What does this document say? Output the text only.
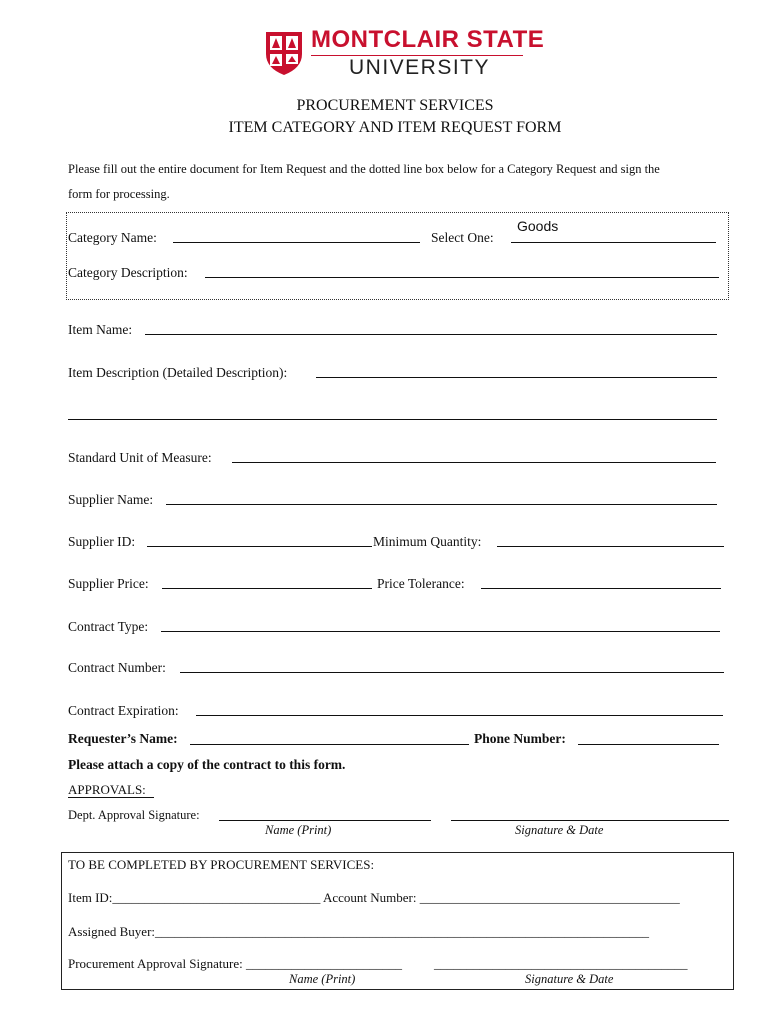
MONTCLAIR STATE
UNIVERSITY
PROCUREMENT SERVICES
ITEM CATEGORY AND ITEM REQUEST FORM
Please fill out the entire document for Item Request and the dotted line box below for a Category Request and sign the
form for processing.
Category Name:	Select One:
Goods
Category Description:
Item Name:
Item Description (Detailed Description):
Standard Unit of Measure:
Supplier Name:
Supplier ID:	Minimum Quantity:
Supplier Price:	Price Tolerance:
Contract Type:
Contract Number:
Contract Expiration:
Requester’s Name:	Phone Number:
Please attach a copy of the contract to this form.
APPROVALS:
Dept. Approval Signature:
Name (Print)	Signature & Date
TO BE COMPLETED BY PROCUREMENT SERVICES:
Item ID:________________________________ Account Number: ________________________________________
Assigned Buyer:____________________________________________________________________________
Procurement Approval Signature: ________________________ _______________________________________
Name (Print)	Signature & Date
